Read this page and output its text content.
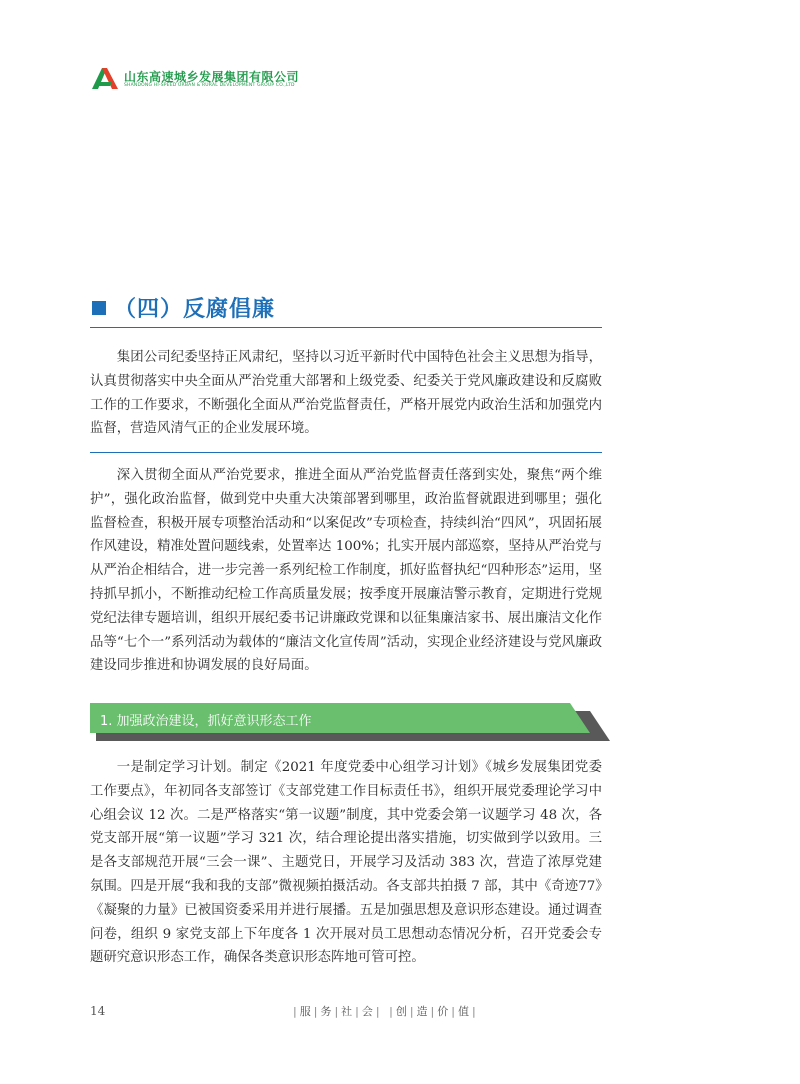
山东高速城乡发展集团有限公司
SHANDONG HI-SPEED URBAN & RURAL DEVELOPMENT GROUP CO.,LTD
（四）反腐倡廉
集团公司纪委坚持正风肃纪，坚持以习近平新时代中国特色社会主义思想为指导，认真贯彻落实中央全面从严治党重大部署和上级党委、纪委关于党风廉政建设和反腐败工作的工作要求，不断强化全面从严治党监督责任，严格开展党内政治生活和加强党内监督，营造风清气正的企业发展环境。
深入贯彻全面从严治党要求，推进全面从严治党监督责任落到实处，聚焦“两个维护”，强化政治监督，做到党中央重大决策部署到哪里，政治监督就跟进到哪里；强化监督检查，积极开展专项整治活动和“以案促改”专项检查，持续纠治“四风”，巩固拓展作风建设，精准处置问题线索，处置率达 100%；扎实开展内部巡察，坚持从严治党与从严治企相结合，进一步完善一系列纪检工作制度，抓好监督执纪“四种形态”运用，坚持抓早抓小，不断推动纪检工作高质量发展；按季度开展廉洁警示教育，定期进行党规党纪法律专题培训，组织开展纪委书记讲廉政党课和以征集廉洁家书、展出廉洁文化作品等“七个一”系列活动为载体的“廉洁文化宣传周”活动，实现企业经济建设与党风廉政建设同步推进和协调发展的良好局面。
1. 加强政治建设，抓好意识形态工作
一是制定学习计划。制定《2021 年度党委中心组学习计划》《城乡发展集团党委工作要点》，年初同各支部签订《支部党建工作目标责任书》，组织开展党委理论学习中心组会议 12 次。二是严格落实“第一议题”制度，其中党委会第一议题学习 48 次，各党支部开展“第一议题”学习 321 次，结合理论提出落实措施，切实做到学以致用。三是各支部规范开展“三会一课”、主题党日，开展学习及活动 383 次，营造了浓厚党建氛围。四是开展“我和我的支部”微视频拍摄活动。各支部共拍摄 7 部，其中《奇迹77》《凝聚的力量》已被国资委采用并进行展播。五是加强思想及意识形态建设。通过调查问卷，组织 9 家党支部上下年度各 1 次开展对员工思想动态情况分析，召开党委会专题研究意识形态工作，确保各类意识形态阵地可管可控。
14	| 服 | 务 | 社 | 会 | | 创 | 造 | 价 | 值 |
